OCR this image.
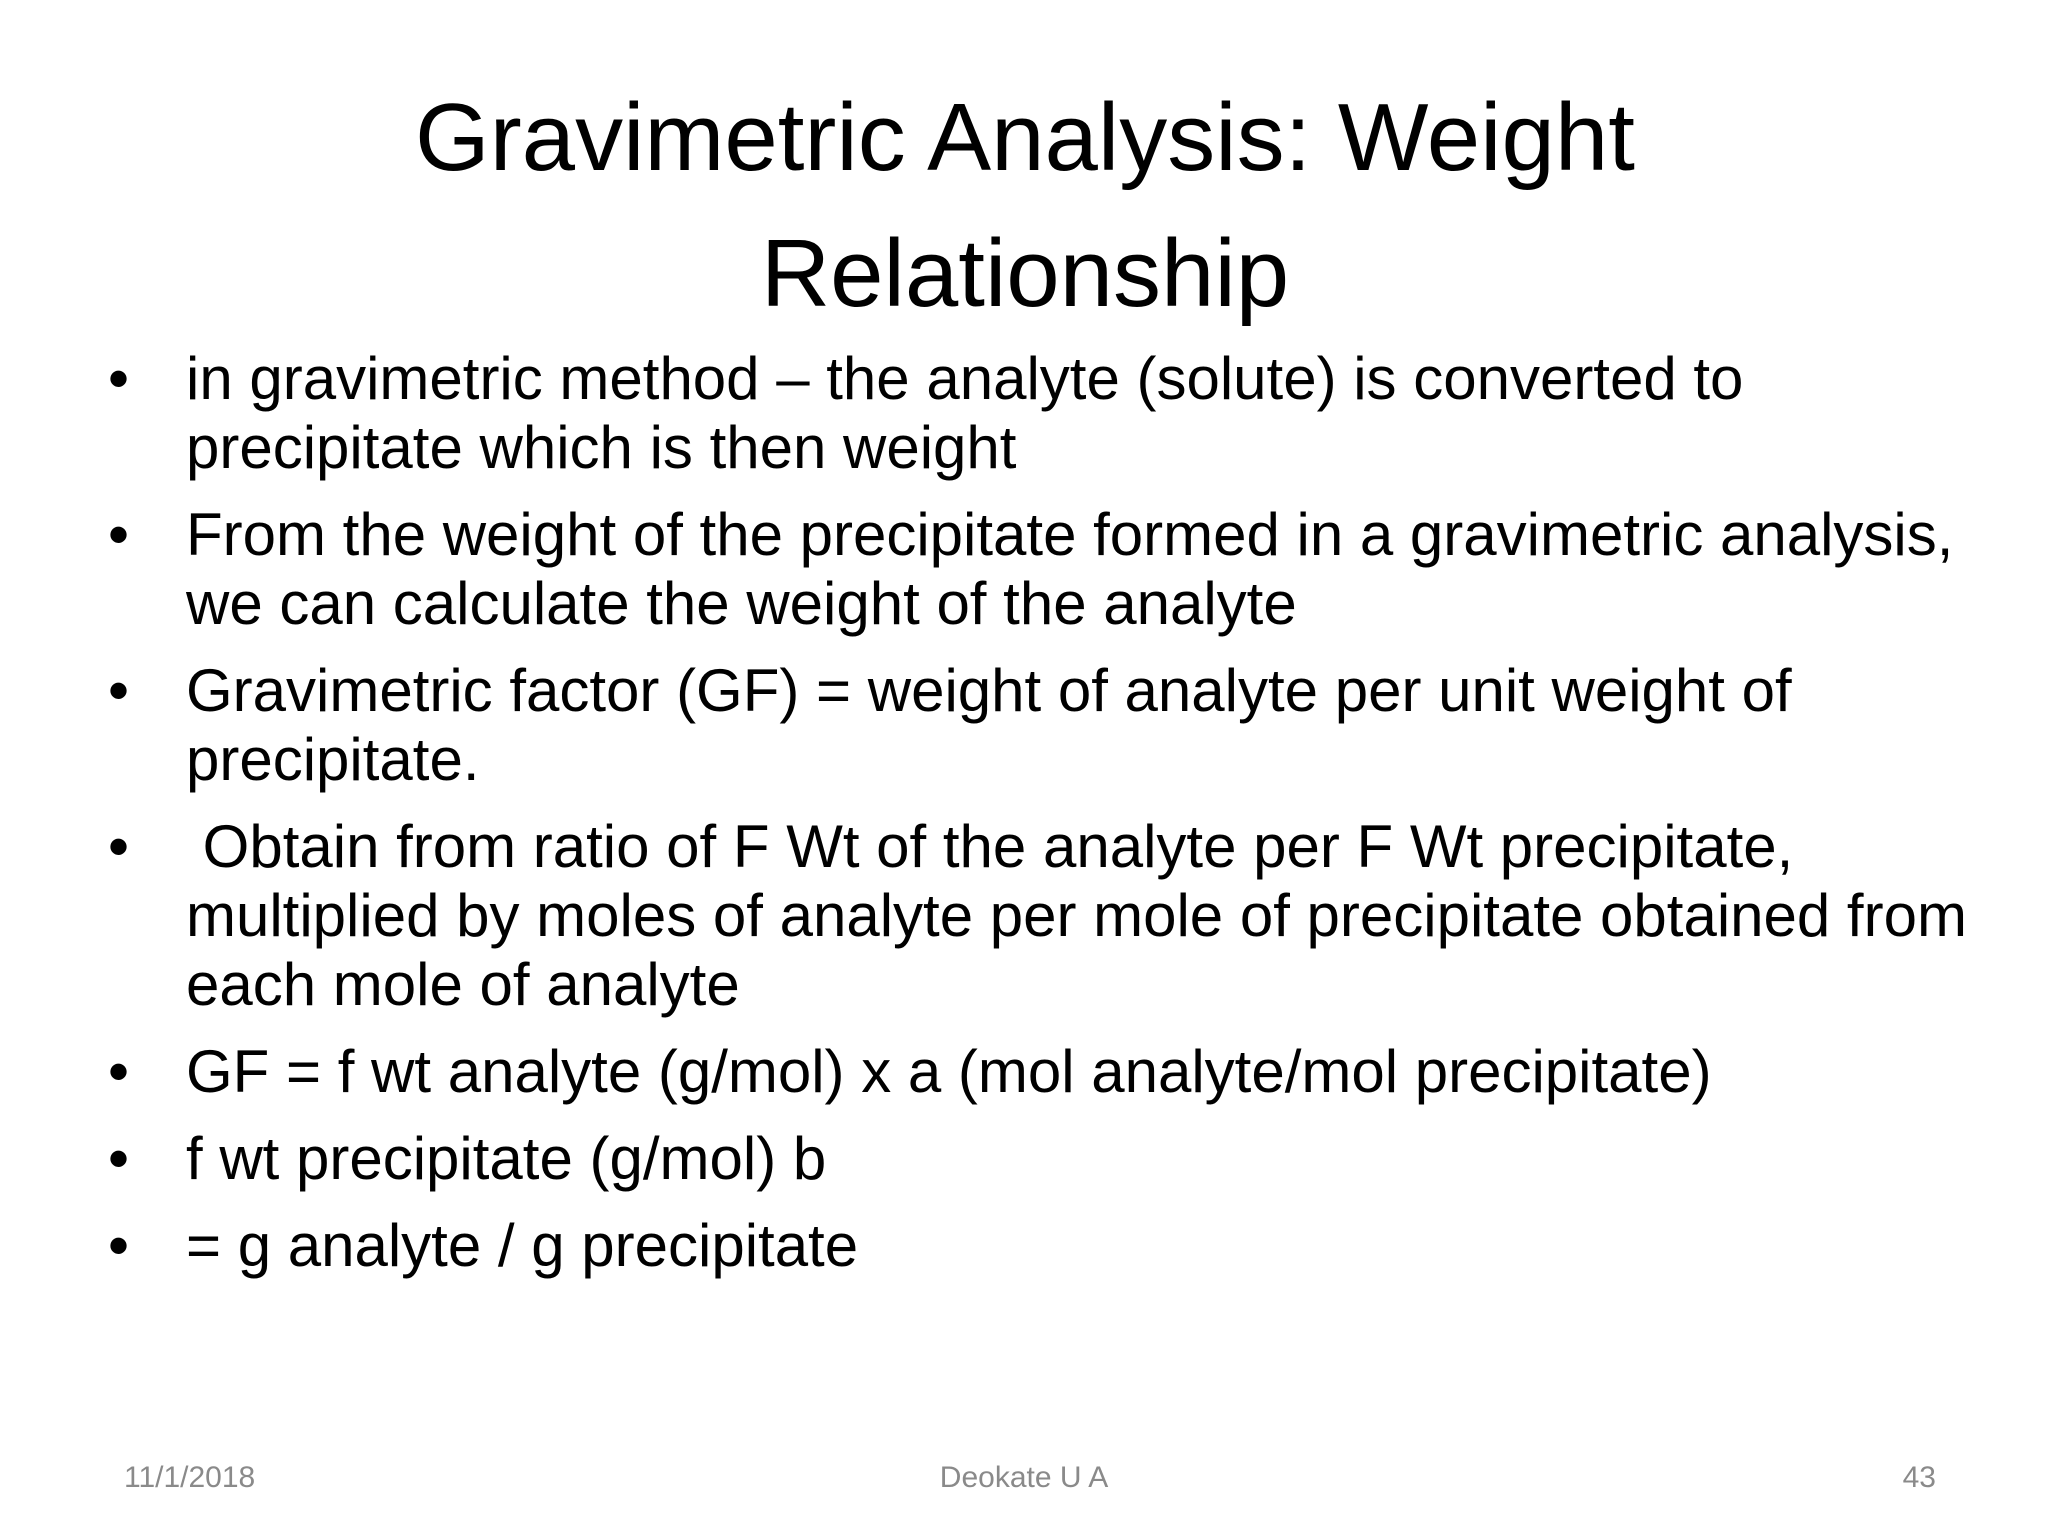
Gravimetric Analysis: Weight
Relationship
• in gravimetric method – the analyte (solute) is converted to precipitate which is then weight
• From the weight of the precipitate formed in a gravimetric analysis, we can calculate the weight of the analyte
• Gravimetric factor (GF) = weight of analyte per unit weight of precipitate.
• Obtain from ratio of F Wt of the analyte per F Wt precipitate, multiplied by moles of analyte per mole of precipitate obtained from each mole of analyte
• GF = f wt analyte (g/mol) x a (mol analyte/mol precipitate)
• f wt precipitate (g/mol) b
• = g analyte / g precipitate
11/1/2018	Deokate U A	43
